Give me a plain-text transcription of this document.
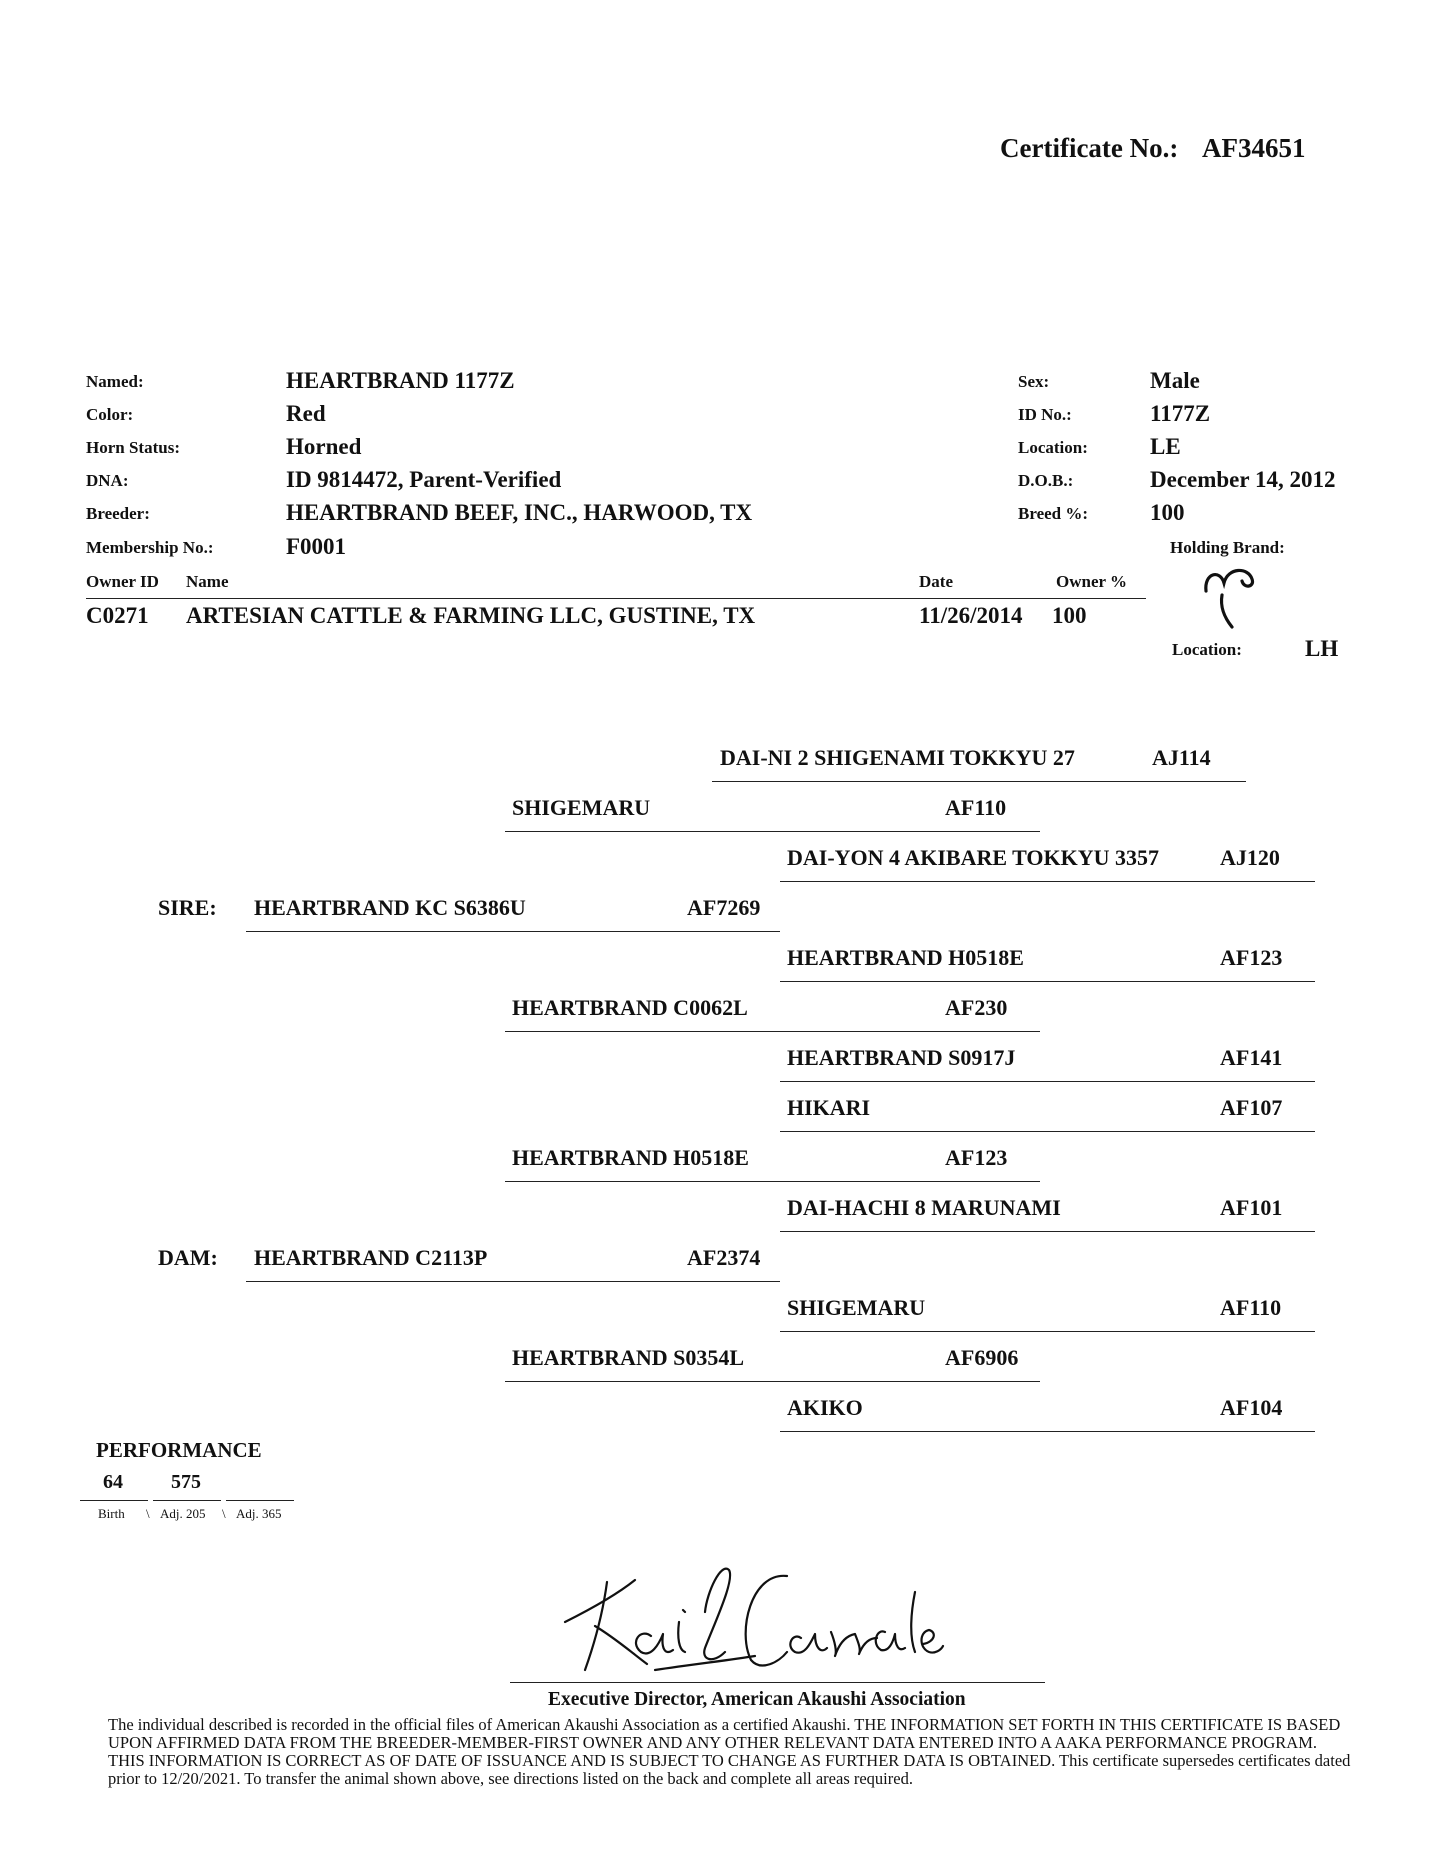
Certificate No.: AF34651
Named:	HEARTBRAND 1177Z
Color:	Red
Horn Status:	Horned
DNA:	ID 9814472, Parent-Verified
Breeder:	HEARTBRAND BEEF, INC., HARWOOD, TX
Membership No.:	F0001
Sex:	Male
ID No.:	1177Z
Location:	LE
D.O.B.:	December 14, 2012
Breed %:	100
Holding Brand:
Owner ID Name	Date	Owner %
C0271 ARTESIAN CATTLE & FARMING LLC, GUSTINE, TX	11/26/2014 100
Location:	LH
DAI-NI 2 SHIGENAMI TOKKYU 27	AJ114
SHIGEMARU	AF110
DAI-YON 4 AKIBARE TOKKYU 3357	AJ120
SIRE: HEARTBRAND KC S6386U	AF7269
HEARTBRAND H0518E	AF123
HEARTBRAND C0062L	AF230
HEARTBRAND S0917J	AF141
HIKARI	AF107
HEARTBRAND H0518E	AF123
DAI-HACHI 8 MARUNAMI	AF101
DAM: HEARTBRAND C2113P	AF2374
SHIGEMARU	AF110
HEARTBRAND S0354L	AF6906
AKIKO	AF104
PERFORMANCE
64 575
Birth \ Adj. 205 \ Adj. 365
Executive Director, American Akaushi Association
The individual described is recorded in the official files of American Akaushi Association as a certified Akaushi. THE INFORMATION SET FORTH IN THIS CERTIFICATE IS BASED UPON AFFIRMED DATA FROM THE BREEDER-MEMBER-FIRST OWNER AND ANY OTHER RELEVANT DATA ENTERED INTO A AAKA PERFORMANCE PROGRAM. THIS INFORMATION IS CORRECT AS OF DATE OF ISSUANCE AND IS SUBJECT TO CHANGE AS FURTHER DATA IS OBTAINED. This certificate supersedes certificates dated prior to 12/20/2021. To transfer the animal shown above, see directions listed on the back and complete all areas required.
